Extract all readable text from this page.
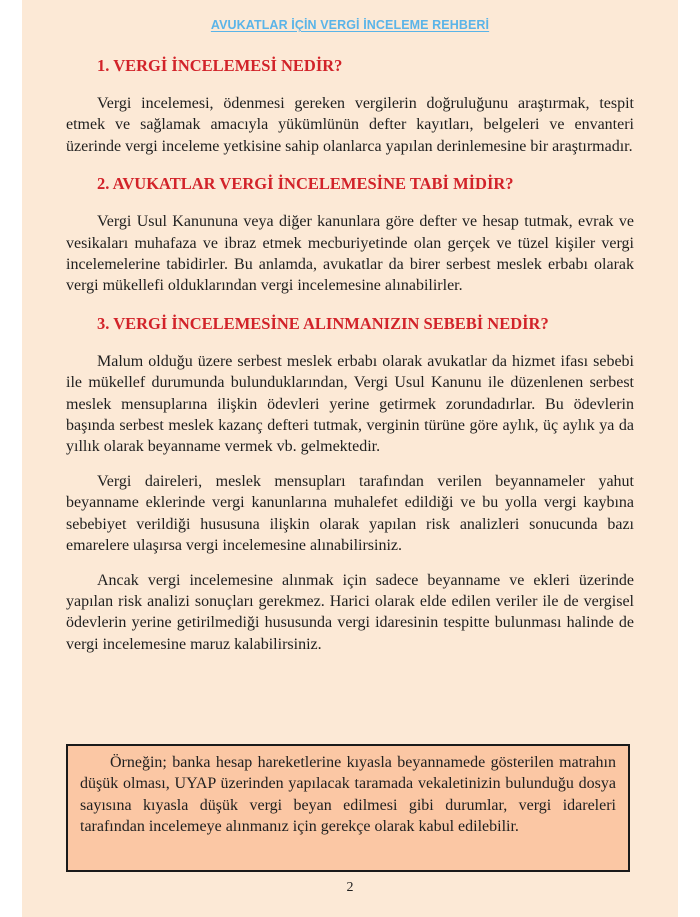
AVUKATLAR İÇİN VERGİ İNCELEME REHBERİ
1. VERGİ İNCELEMESİ NEDİR?

Vergi incelemesi, ödenmesi gereken vergilerin doğruluğunu araştırmak, tespit etmek ve sağlamak amacıyla yükümlünün defter kayıtları, belgeleri ve envanteri üzerinde vergi inceleme yetkisine sahip olanlarca yapılan derinlemesine bir araştırmadır.

2. AVUKATLAR VERGİ İNCELEMESİNE TABİ MİDİR?

Vergi Usul Kanununa veya diğer kanunlara göre defter ve hesap tutmak, evrak ve vesikaları muhafaza ve ibraz etmek mecburiyetinde olan gerçek ve tüzel kişiler vergi incelemelerine tabidirler. Bu anlamda, avukatlar da birer serbest meslek erbabı olarak vergi mükellefi olduklarından vergi incelemesine alınabilirler.

3. VERGİ İNCELEMESİNE ALINMANIZIN SEBEBİ NEDİR?

Malum olduğu üzere serbest meslek erbabı olarak avukatlar da hizmet ifası sebebi ile mükellef durumunda bulunduklarından, Vergi Usul Kanunu ile düzenlenen serbest meslek mensuplarına ilişkin ödevleri yerine getirmek zorundadırlar. Bu ödevlerin başında serbest meslek kazanç defteri tutmak, verginin türüne göre aylık, üç aylık ya da yıllık olarak beyanname vermek vb. gelmektedir.

Vergi daireleri, meslek mensupları tarafından verilen beyannameler yahut beyanname eklerinde vergi kanunlarına muhalefet edildiği ve bu yolla vergi kaybına sebebiyet verildiği hususuna ilişkin olarak yapılan risk analizleri sonucunda bazı emarelere ulaşırsa vergi incelemesine alınabilirsiniz.

Ancak vergi incelemesine alınmak için sadece beyanname ve ekleri üzerinde yapılan risk analizi sonuçları gerekmez. Harici olarak elde edilen veriler ile de vergisel ödevlerin yerine getirilmediği hususunda vergi idaresinin tespitte bulunması halinde de vergi incelemesine maruz kalabilirsiniz.

Örneğin; banka hesap hareketlerine kıyasla beyannamede gösterilen matrahın düşük olması, UYAP üzerinden yapılacak taramada vekaletinizin bulunduğu dosya sayısına kıyasla düşük vergi beyan edilmesi gibi durumlar, vergi idareleri tarafından incelemeye alınmanız için gerekçe olarak kabul edilebilir.

2
